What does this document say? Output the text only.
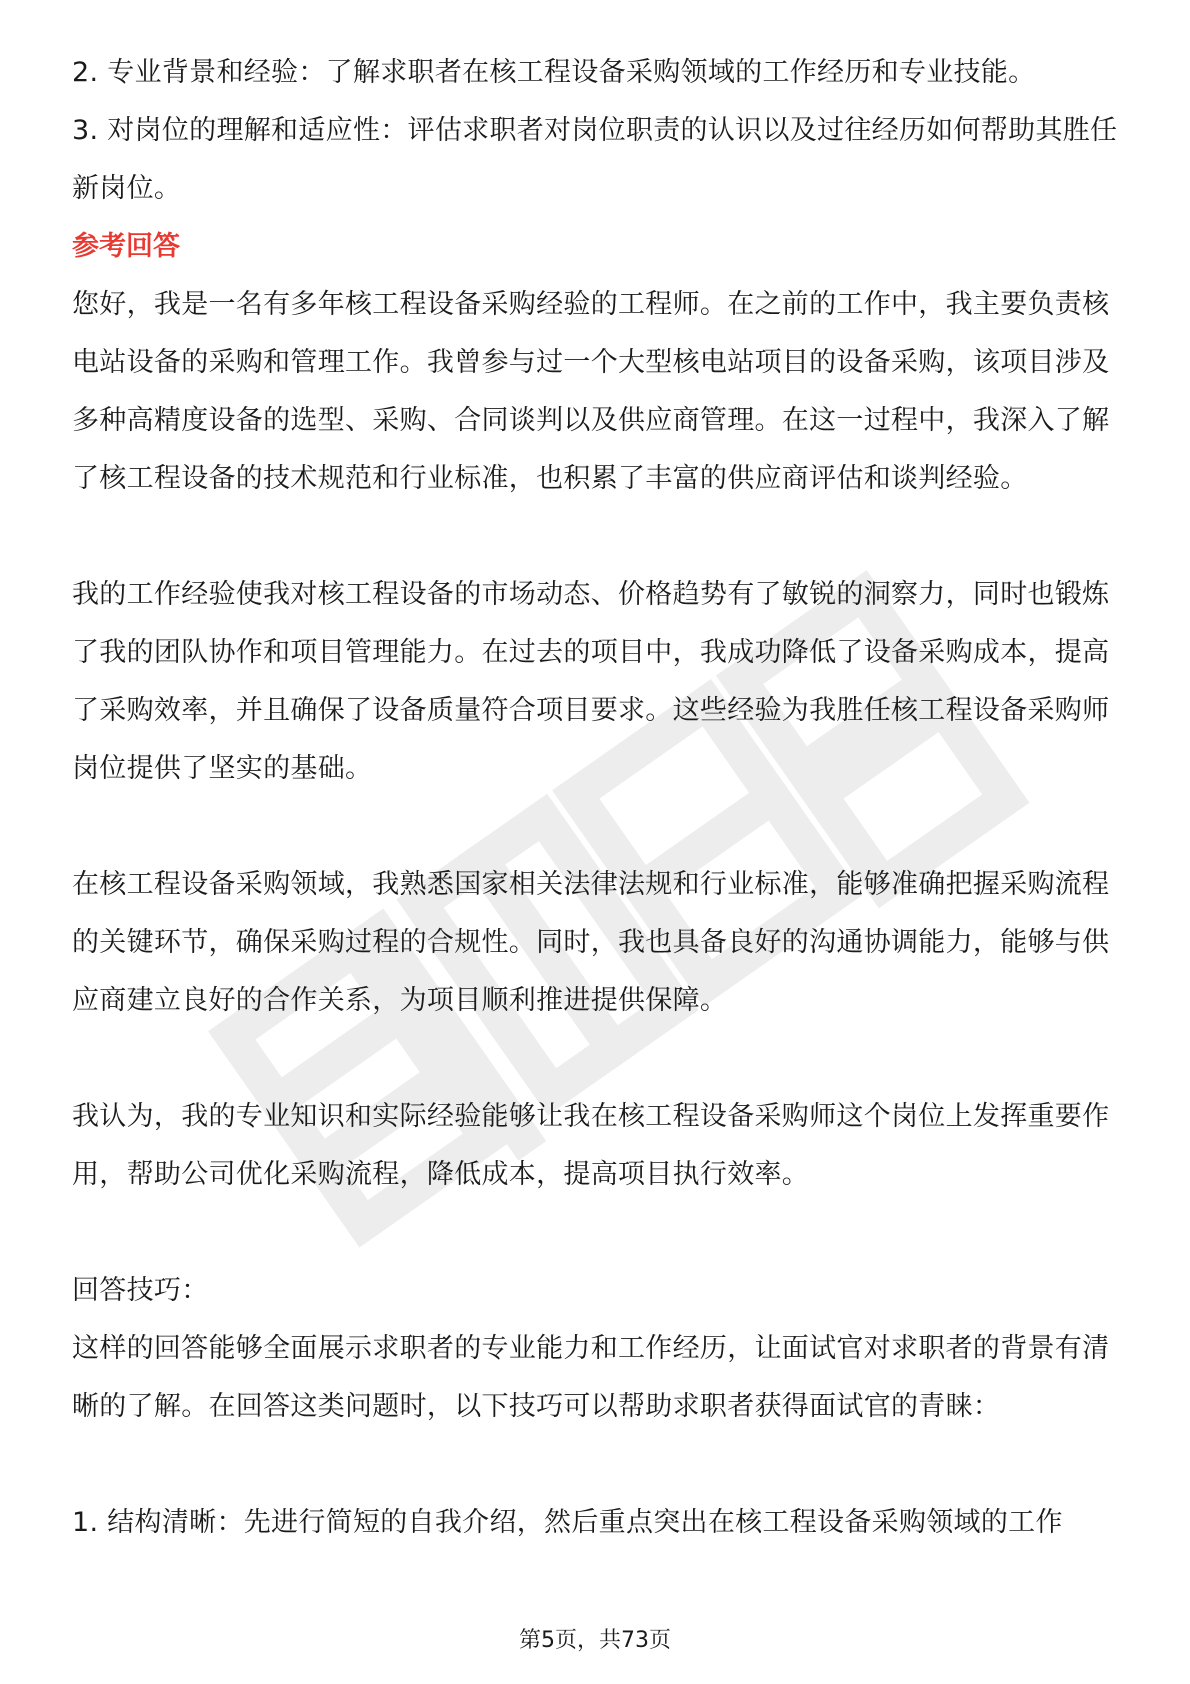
2. 专业背景和经验：了解求职者在核工程设备采购领域的工作经历和专业技能。

3. 对岗位的理解和适应性：评估求职者对岗位职责的认识以及过往经历如何帮助其胜任新岗位。

参考回答

您好，我是一名有多年核工程设备采购经验的工程师。在之前的工作中，我主要负责核电站设备的采购和管理工作。我曾参与过一个大型核电站项目的设备采购，该项目涉及多种高精度设备的选型、采购、合同谈判以及供应商管理。在这一过程中，我深入了解了核工程设备的技术规范和行业标准，也积累了丰富的供应商评估和谈判经验。

我的工作经验使我对核工程设备的市场动态、价格趋势有了敏锐的洞察力，同时也锻炼了我的团队协作和项目管理能力。在过去的项目中，我成功降低了设备采购成本，提高了采购效率，并且确保了设备质量符合项目要求。这些经验为我胜任核工程设备采购师岗位提供了坚实的基础。

在核工程设备采购领域，我熟悉国家相关法律法规和行业标准，能够准确把握采购流程的关键环节，确保采购过程的合规性。同时，我也具备良好的沟通协调能力，能够与供应商建立良好的合作关系，为项目顺利推进提供保障。

我认为，我的专业知识和实际经验能够让我在核工程设备采购师这个岗位上发挥重要作用，帮助公司优化采购流程，降低成本，提高项目执行效率。

回答技巧：

这样的回答能够全面展示求职者的专业能力和工作经历，让面试官对求职者的背景有清晰的了解。在回答这类问题时，以下技巧可以帮助求职者获得面试官的青睐：

1. 结构清晰：先进行简短的自我介绍，然后重点突出在核工程设备采购领域的工作

第5页，共73页
